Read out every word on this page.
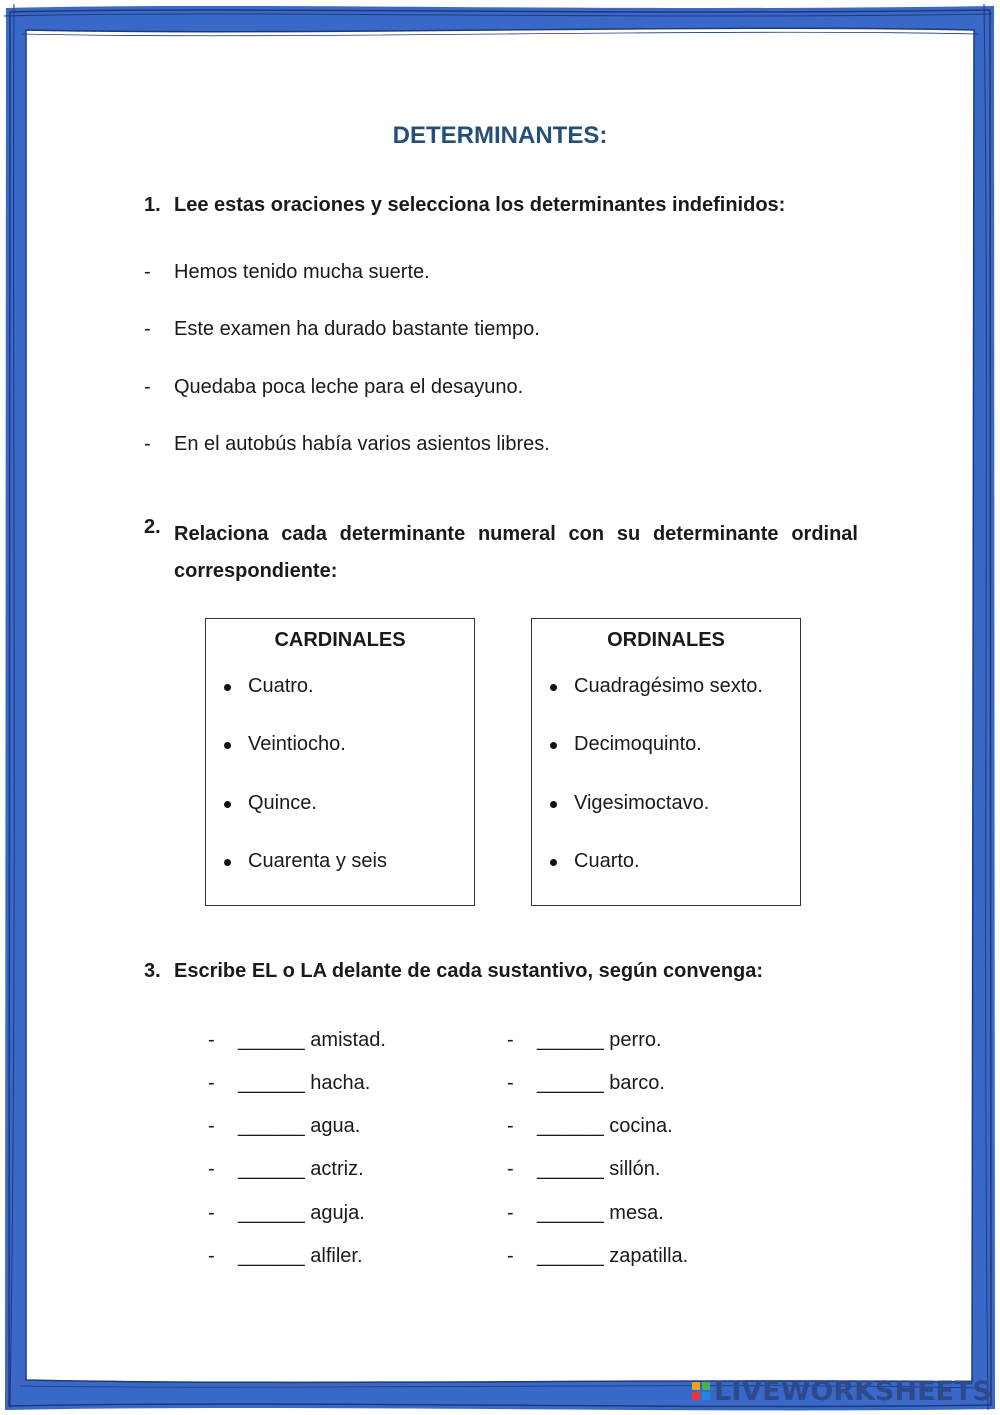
DETERMINANTES:
1. Lee estas oraciones y selecciona los determinantes indefinidos:
- Hemos tenido mucha suerte.
- Este examen ha durado bastante tiempo.
- Quedaba poca leche para el desayuno.
- En el autobús había varios asientos libres.
2. Relaciona cada determinante numeral con su determinante ordinal
correspondiente:
CARDINALES
Cuatro.
Veintiocho.
Quince.
Cuarenta y seis
ORDINALES
Cuadragésimo sexto.
Decimoquinto.
Vigesimoctavo.
Cuarto.
3. Escribe EL o LA delante de cada sustantivo, según convenga:
- ______ amistad.
- ______ hacha.
- ______ agua.
- ______ actriz.
- ______ aguja.
- ______ alfiler.
- ______ perro.
- ______ barco.
- ______ cocina.
- ______ sillón.
- ______ mesa.
- ______ zapatilla.
LIVEWORKSHEETS
